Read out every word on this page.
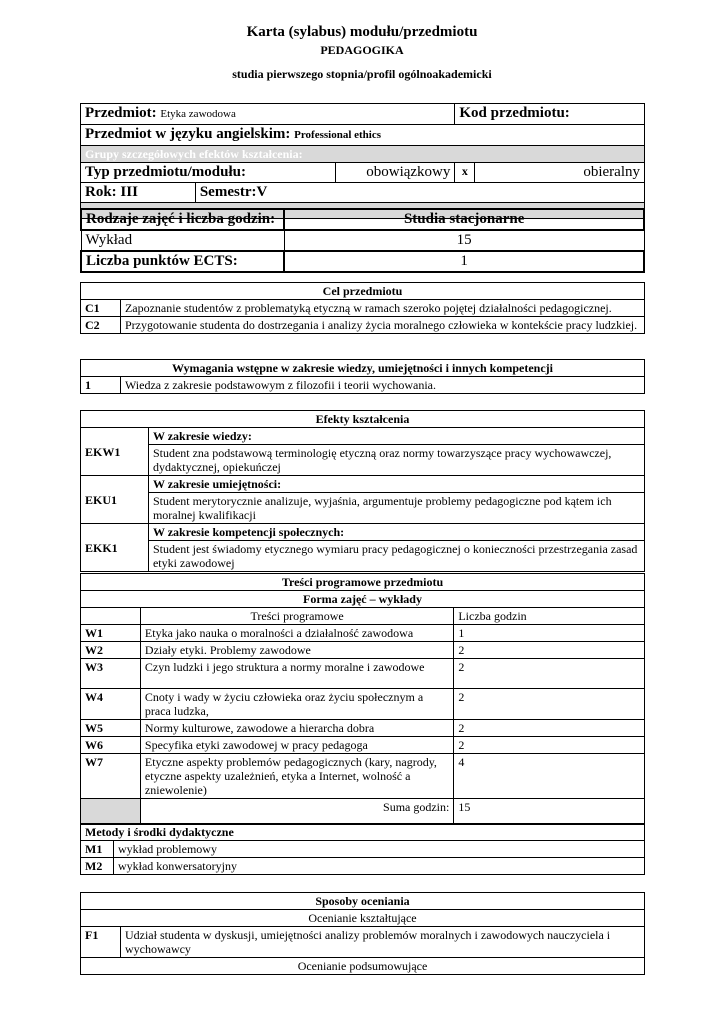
Karta (sylabus) modułu/przedmiotu
PEDAGOGIKA
studia pierwszego stopnia/profil ogólnoakademicki
Przedmiot: Etyka zawodowa			Kod przedmiotu:	
Przedmiot w języku angielskim: Professional ethics				
Grupy szczegółowych efektów kształcenia:				
Typ przedmiotu/modułu:		obowiązkowy	x	obieralny
Rok: III	Semestr:V			

Rodzaje zajęć i liczba godzin:	Studia stacjonarne
Wykład	15
Liczba punktów ECTS:	1
Cel przedmiotu	
C1	Zapoznanie studentów z problematyką etyczną w ramach szeroko pojętej działalności pedagogicznej.
C2	Przygotowanie studenta do dostrzegania i analizy życia moralnego człowieka w kontekście pracy ludzkiej.
Wymagania wstępne w zakresie wiedzy, umiejętności i innych kompetencji
1	Wiedza z zakresie podstawowym z filozofii i teorii wychowania.
Efekty kształcenia	
EKW1	W zakresie wiedzy:
	Student zna podstawową terminologię etyczną oraz normy towarzyszące pracy wychowawczej, dydaktycznej, opiekuńczej
EKU1	W zakresie umiejętności:
	Student merytorycznie analizuje, wyjaśnia, argumentuje problemy pedagogiczne pod kątem ich moralnej kwalifikacji
EKK1	W zakresie kompetencji społecznych:
	Student jest świadomy etycznego wymiaru pracy pedagogicznej o konieczności przestrzegania zasad etyki zawodowej
Treści programowe przedmiotu		
Forma zajęć – wykłady		
	Treści programowe	Liczba godzin
W1	Etyka jako nauka o moralności a działalność zawodowa	1
W2	Działy etyki. Problemy zawodowe	2
W3	Czyn ludzki i jego struktura a normy moralne i zawodowe	2
W4	Cnoty i wady w życiu człowieka oraz życiu społecznym a praca ludzka,	2
W5	Normy kulturowe, zawodowe a hierarcha dobra	2
W6	Specyfika etyki zawodowej w pracy pedagoga	2
W7	Etyczne aspekty problemów pedagogicznych (kary, nagrody, etyczne aspekty uzależnień, etyka a Internet, wolność a zniewolenie)	4
	Suma godzin:	15
Metody i środki dydaktyczne	
M1	wykład problemowy
M2	wykład konwersatoryjny
Sposoby oceniania
Ocenianie kształtujące
F1	Udział studenta w dyskusji, umiejętności analizy problemów moralnych i zawodowych nauczyciela i wychowawcy
Ocenianie podsumowujące
